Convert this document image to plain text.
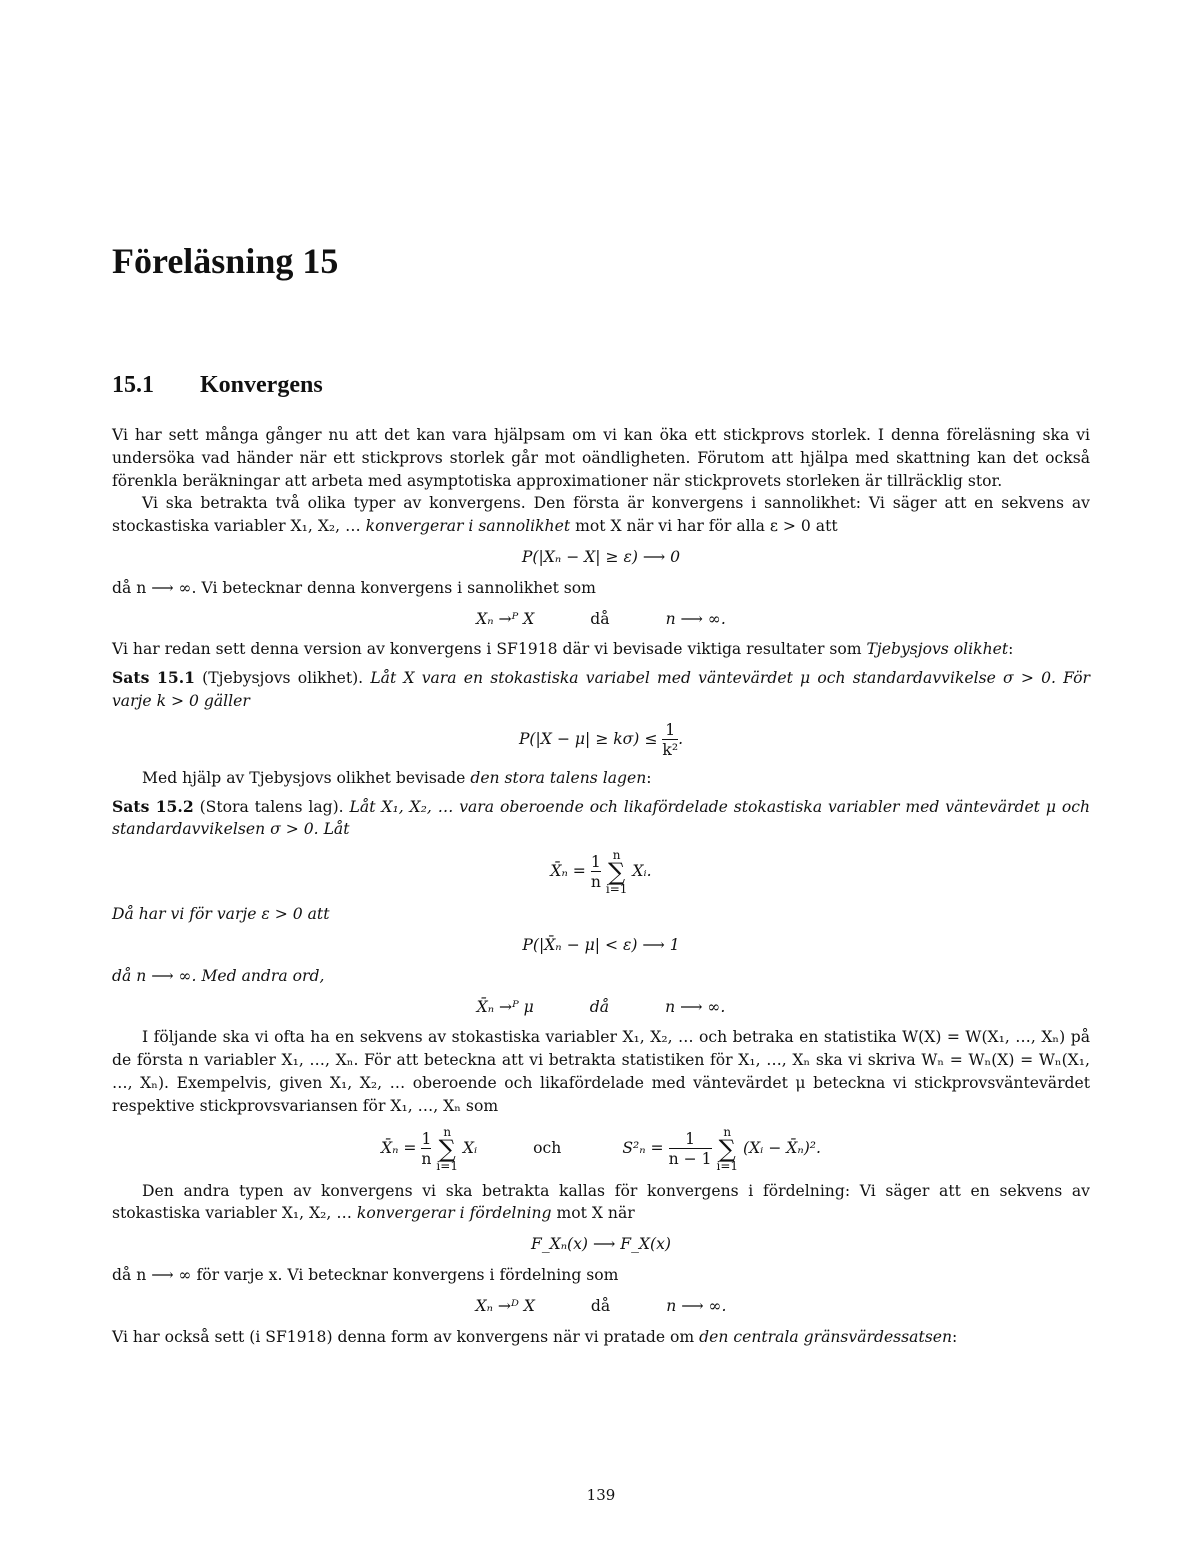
Föreläsning 15
15.1 Konvergens

Vi har sett många gånger nu att det kan vara hjälpsam om vi kan öka ett stickprovs storlek. I denna föreläsning ska vi undersöka vad händer när ett stickprovs storlek går mot oändligheten. Förutom att hjälpa med skattning kan det också förenkla beräkningar att arbeta med asymptotiska approximationer när stickprovets storleken är tillräcklig stor.

Vi ska betrakta två olika typer av konvergens. Den första är konvergens i sannolikhet: Vi säger att en sekvens av stockastiska variabler X₁, X₂, … konvergerar i sannolikhet mot X när vi har för alla ε > 0 att

P(|Xₙ − X| ≥ ε) ⟶ 0

då n ⟶ ∞. Vi betecknar denna konvergens i sannolikhet som

Xₙ →ᴾ X	då	n ⟶ ∞.

Vi har redan sett denna version av konvergens i SF1918 där vi bevisade viktiga resultater som Tjebysjovs olikhet:

Sats 15.1 (Tjebysjovs olikhet). Låt X vara en stokastiska variabel med väntevärdet μ och standardavvikelse σ > 0. För varje k > 0 gäller

$P(|X - \mu| \ge k\sigma) \le \frac{1}{\text{k²}}$ .

Med hjälp av Tjebysjovs olikhet bevisade den stora talens lagen:

Sats 15.2 (Stora talens lag). Låt X₁, X₂, … vara oberoende och likafördelade stokastiska variabler med väntevärdet μ och standardavvikelsen σ > 0. Låt

X̄ₙ = $\frac{1}{n}$ n
∑
i=1 Xᵢ.

Då har vi för varje ε > 0 att

P(|X̄ₙ − μ| < ε) ⟶ 1

då n ⟶ ∞. Med andra ord,

X̄ₙ →ᴾ μ	då	n ⟶ ∞.

I följande ska vi ofta ha en sekvens av stokastiska variabler X₁, X₂, … och betraka en statistika W(X) = W(X₁, …, Xₙ) på de första n variabler X₁, …, Xₙ. För att beteckna att vi betrakta statistiken för X₁, …, Xₙ ska vi skriva Wₙ = Wₙ(X) = Wₙ(X₁, …, Xₙ). Exempelvis, given X₁, X₂, … oberoende och likafördelade med väntevärdet μ beteckna vi stickprovsväntevärdet respektive stickprovsvariansen för X₁, …, Xₙ som

X̄ₙ = $\frac{1}{n}$ n
∑
i=1 Xᵢ	och	$S^2_n = \frac{1}{n - 1}$ n
∑
i=1 (Xᵢ − X̄ₙ)².

Den andra typen av konvergens vi ska betrakta kallas för konvergens i fördelning: Vi säger att en sekvens av stokastiska variabler X₁, X₂, … konvergerar i fördelning mot X när

F_Xₙ(x) ⟶ F_X(x)

då n ⟶ ∞ för varje x. Vi betecknar konvergens i fördelning som

Xₙ →ᴰ X	då	n ⟶ ∞.

Vi har också sett (i SF1918) denna form av konvergens när vi pratade om den centrala gränsvärdessatsen:

139
